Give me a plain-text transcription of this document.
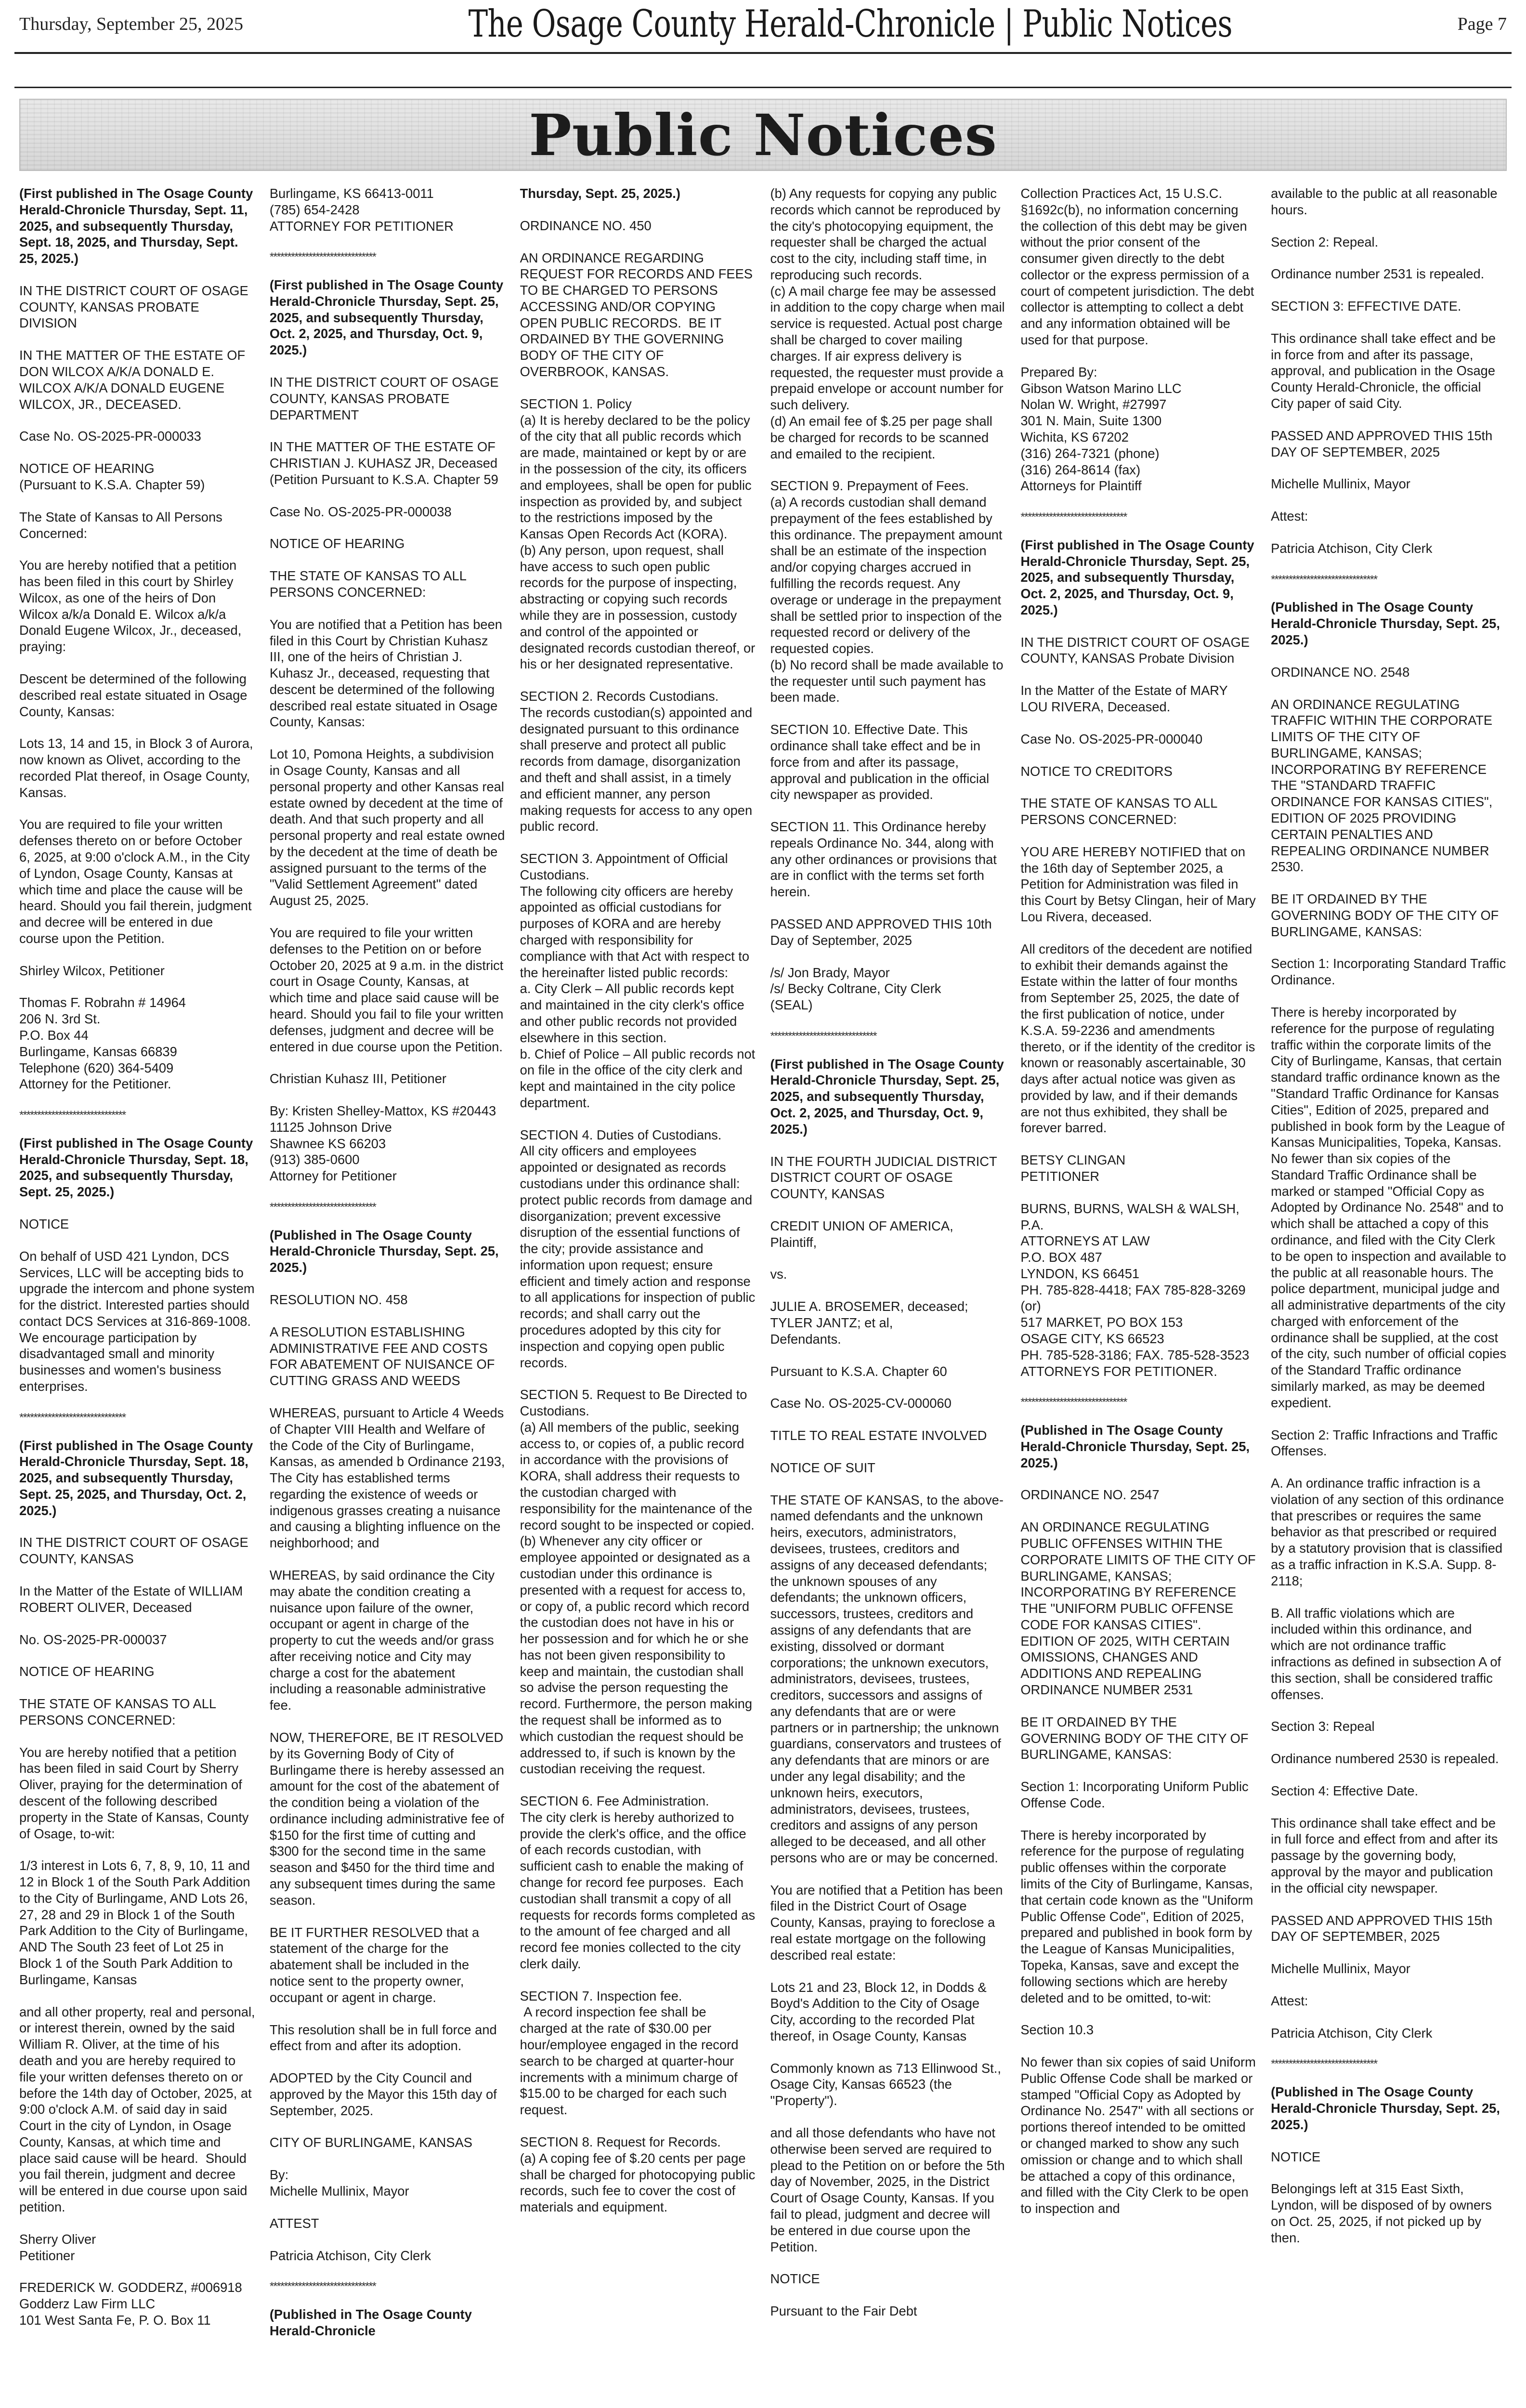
Thursday, September 25, 2025	The Osage County Herald-Chronicle | Public Notices	Page 7
Public Notices

(First published in The Osage County Herald-Chronicle Thursday, Sept. 11, 2025, and subsequently Thursday, Sept. 18, 2025, and Thursday, Sept. 25, 2025.)

IN THE DISTRICT COURT OF OSAGE COUNTY, KANSAS PROBATE DIVISION

IN THE MATTER OF THE ESTATE OF
DON WILCOX A/K/A DONALD E. WILCOX A/K/A DONALD EUGENE WILCOX, JR., DECEASED.

Case No. OS-2025-PR-000033

NOTICE OF HEARING
(Pursuant to K.S.A. Chapter 59)

The State of Kansas to All Persons Concerned:

You are hereby notified that a petition has been filed in this court by Shirley Wilcox, as one of the heirs of Don Wilcox a/k/a Donald E. Wilcox a/k/a Donald Eugene Wilcox, Jr., deceased, praying:

Descent be determined of the following described real estate situated in Osage County, Kansas:

Lots 13, 14 and 15, in Block 3 of Aurora, now known as Olivet, according to the recorded Plat thereof, in Osage County, Kansas.

You are required to file your written defenses thereto on or before October 6, 2025, at 9:00 o'clock A.M., in the City of Lyndon, Osage County, Kansas at which time and place the cause will be heard. Should you fail therein, judgment and decree will be entered in due course upon the Petition.

Shirley Wilcox, Petitioner

Thomas F. Robrahn # 14964
206 N. 3rd St.
P.O. Box 44
Burlingame, Kansas 66839
Telephone (620) 364-5409
Attorney for the Petitioner.

******************************

(First published in The Osage County Herald-Chronicle Thursday, Sept. 18, 2025, and subsequently Thursday, Sept. 25, 2025.)

NOTICE

On behalf of USD 421 Lyndon, DCS Services, LLC will be accepting bids to upgrade the intercom and phone system for the district. Interested parties should contact DCS Services at 316-869-1008. We encourage participation by disadvantaged small and minority businesses and women's business enterprises.

******************************

(First published in The Osage County Herald-Chronicle Thursday, Sept. 18, 2025, and subsequently Thursday, Sept. 25, 2025, and Thursday, Oct. 2, 2025.)

IN THE DISTRICT COURT OF OSAGE COUNTY, KANSAS

In the Matter of the Estate of WILLIAM ROBERT OLIVER, Deceased

No. OS-2025-PR-000037

NOTICE OF HEARING

THE STATE OF KANSAS TO ALL PERSONS CONCERNED:

You are hereby notified that a petition has been filed in said Court by Sherry Oliver, praying for the determination of descent of the following described property in the State of Kansas, County of Osage, to-wit:

1/3 interest in Lots 6, 7, 8, 9, 10, 11 and 12 in Block 1 of the South Park Addition to the City of Burlingame, AND Lots 26, 27, 28 and 29 in Block 1 of the South Park Addition to the City of Burlingame, AND The South 23 feet of Lot 25 in Block 1 of the South Park Addition to Burlingame, Kansas

and all other property, real and personal, or interest therein, owned by the said William R. Oliver, at the time of his death and you are hereby required to file your written defenses thereto on or before the 14th day of October, 2025, at 9:00 o'clock A.M. of said day in said Court in the city of Lyndon, in Osage County, Kansas, at which time and place said cause will be heard.  Should you fail therein, judgment and decree will be entered in due course upon said petition.

Sherry Oliver
Petitioner

FREDERICK W. GODDERZ, #006918
Godderz Law Firm LLC
101 West Santa Fe, P. O. Box 11

Burlingame, KS 66413-0011
(785) 654-2428
ATTORNEY FOR PETITIONER

******************************

(First published in The Osage County Herald-Chronicle Thursday, Sept. 25, 2025, and subsequently Thursday, Oct. 2, 2025, and Thursday, Oct. 9, 2025.)

IN THE DISTRICT COURT OF OSAGE COUNTY, KANSAS PROBATE DEPARTMENT

IN THE MATTER OF THE ESTATE OF
CHRISTIAN J. KUHASZ JR, Deceased
(Petition Pursuant to K.S.A. Chapter 59

Case No. OS-2025-PR-000038

NOTICE OF HEARING

THE STATE OF KANSAS TO ALL PERSONS CONCERNED:

You are notified that a Petition has been filed in this Court by Christian Kuhasz III, one of the heirs of Christian J. Kuhasz Jr., deceased, requesting that descent be determined of the following described real estate situated in Osage County, Kansas:

Lot 10, Pomona Heights, a subdivision in Osage County, Kansas and all personal property and other Kansas real estate owned by decedent at the time of death. And that such property and all personal property and real estate owned by the decedent at the time of death be assigned pursuant to the terms of the "Valid Settlement Agreement" dated August 25, 2025.

You are required to file your written defenses to the Petition on or before October 20, 2025 at 9 a.m. in the district court in Osage County, Kansas, at which time and place said cause will be heard. Should you fail to file your written defenses, judgment and decree will be entered in due course upon the Petition.

Christian Kuhasz III, Petitioner

By: Kristen Shelley-Mattox, KS #20443
11125 Johnson Drive
Shawnee KS 66203
(913) 385-0600
Attorney for Petitioner

******************************

(Published in The Osage County Herald-Chronicle Thursday, Sept. 25, 2025.)

RESOLUTION NO. 458

A RESOLUTION ESTABLISHING ADMINISTRATIVE FEE AND COSTS FOR ABATEMENT OF NUISANCE OF CUTTING GRASS AND WEEDS

WHEREAS, pursuant to Article 4 Weeds of Chapter VIII Health and Welfare of the Code of the City of Burlingame, Kansas, as amended b Ordinance 2193, The City has established terms regarding the existence of weeds or indigenous grasses creating a nuisance and causing a blighting influence on the neighborhood; and

WHEREAS, by said ordinance the City may abate the condition creating a nuisance upon failure of the owner, occupant or agent in charge of the property to cut the weeds and/or grass after receiving notice and City may charge a cost for the abatement including a reasonable administrative fee.

NOW, THEREFORE, BE IT RESOLVED by its Governing Body of City of Burlingame there is hereby assessed an amount for the cost of the abatement of the condition being a violation of the ordinance including administrative fee of $150 for the first time of cutting and $300 for the second time in the same season and $450 for the third time and any subsequent times during the same season.

BE IT FURTHER RESOLVED that a statement of the charge for the abatement shall be included in the notice sent to the property owner, occupant or agent in charge.

This resolution shall be in full force and effect from and after its adoption.

ADOPTED by the City Council and approved by the Mayor this 15th day of September, 2025.

CITY OF BURLINGAME, KANSAS

By:
Michelle Mullinix, Mayor

ATTEST

Patricia Atchison, City Clerk

******************************

(Published in The Osage County Herald-Chronicle

Thursday, Sept. 25, 2025.)

ORDINANCE NO. 450

AN ORDINANCE REGARDING REQUEST FOR RECORDS AND FEES TO BE CHARGED TO PERSONS ACCESSING AND/OR COPYING OPEN PUBLIC RECORDS.  BE IT ORDAINED BY THE GOVERNING BODY OF THE CITY OF OVERBROOK, KANSAS.

SECTION 1. Policy
(a) It is hereby declared to be the policy of the city that all public records which are made, maintained or kept by or are in the possession of the city, its officers and employees, shall be open for public inspection as provided by, and subject to the restrictions imposed by the Kansas Open Records Act (KORA).
(b) Any person, upon request, shall have access to such open public records for the purpose of inspecting, abstracting or copying such records while they are in possession, custody and control of the appointed or designated records custodian thereof, or his or her designated representative.

SECTION 2. Records Custodians.
The records custodian(s) appointed and designated pursuant to this ordinance shall preserve and protect all public records from damage, disorganization and theft and shall assist, in a timely and efficient manner, any person making requests for access to any open public record.

SECTION 3. Appointment of Official Custodians.
The following city officers are hereby appointed as official custodians for purposes of KORA and are hereby charged with responsibility for compliance with that Act with respect to the hereinafter listed public records:
a. City Clerk – All public records kept and maintained in the city clerk's office and other public records not provided elsewhere in this section.
b. Chief of Police – All public records not on file in the office of the city clerk and kept and maintained in the city police department.

SECTION 4. Duties of Custodians.
All city officers and employees appointed or designated as records custodians under this ordinance shall: protect public records from damage and disorganization; prevent excessive disruption of the essential functions of the city; provide assistance and information upon request; ensure efficient and timely action and response to all applications for inspection of public records; and shall carry out the procedures adopted by this city for inspection and copying open public records.

SECTION 5. Request to Be Directed to Custodians.
(a) All members of the public, seeking access to, or copies of, a public record in accordance with the provisions of KORA, shall address their requests to the custodian charged with responsibility for the maintenance of the record sought to be inspected or copied.
(b) Whenever any city officer or employee appointed or designated as a custodian under this ordinance is presented with a request for access to, or copy of, a public record which record the custodian does not have in his or her possession and for which he or she has not been given responsibility to keep and maintain, the custodian shall so advise the person requesting the record. Furthermore, the person making the request shall be informed as to which custodian the request should be addressed to, if such is known by the custodian receiving the request.

SECTION 6. Fee Administration.
The city clerk is hereby authorized to provide the clerk's office, and the office of each records custodian, with sufficient cash to enable the making of change for record fee purposes.  Each custodian shall transmit a copy of all requests for records forms completed as to the amount of fee charged and all record fee monies collected to the city clerk daily.

SECTION 7. Inspection fee.
A record inspection fee shall be charged at the rate of $30.00 per hour/employee engaged in the record search to be charged at quarter-hour increments with a minimum charge of $15.00 to be charged for each such request.

SECTION 8. Request for Records.
(a) A coping fee of $.20 cents per page shall be charged for photocopying public records, such fee to cover the cost of materials and equipment.

(b) Any requests for copying any public records which cannot be reproduced by the city's photocopying equipment, the requester shall be charged the actual cost to the city, including staff time, in reproducing such records.
(c) A mail charge fee may be assessed in addition to the copy charge when mail service is requested. Actual post charge shall be charged to cover mailing charges. If air express delivery is requested, the requester must provide a prepaid envelope or account number for such delivery.
(d) An email fee of $.25 per page shall be charged for records to be scanned and emailed to the recipient.

SECTION 9. Prepayment of Fees.
(a) A records custodian shall demand prepayment of the fees established by this ordinance. The prepayment amount shall be an estimate of the inspection and/or copying charges accrued in fulfilling the records request. Any overage or underage in the prepayment shall be settled prior to inspection of the requested record or delivery of the requested copies.
(b) No record shall be made available to the requester until such payment has been made.

SECTION 10. Effective Date. This ordinance shall take effect and be in force from and after its passage, approval and publication in the official city newspaper as provided.

SECTION 11. This Ordinance hereby repeals Ordinance No. 344, along with any other ordinances or provisions that are in conflict with the terms set forth herein.

PASSED AND APPROVED THIS 10th Day of September, 2025

/s/ Jon Brady, Mayor
/s/ Becky Coltrane, City Clerk
(SEAL)

******************************

(First published in The Osage County Herald-Chronicle Thursday, Sept. 25, 2025, and subsequently Thursday, Oct. 2, 2025, and Thursday, Oct. 9, 2025.)

IN THE FOURTH JUDICIAL DISTRICT
DISTRICT COURT OF OSAGE COUNTY, KANSAS

CREDIT UNION OF AMERICA,
Plaintiff,

vs.

JULIE A. BROSEMER, deceased; TYLER JANTZ; et al,
Defendants.

Pursuant to K.S.A. Chapter 60

Case No. OS-2025-CV-000060

TITLE TO REAL ESTATE INVOLVED

NOTICE OF SUIT

THE STATE OF KANSAS, to the above-named defendants and the unknown heirs, executors, administrators, devisees, trustees, creditors and assigns of any deceased defendants; the unknown spouses of any defendants; the unknown officers, successors, trustees, creditors and assigns of any defendants that are existing, dissolved or dormant corporations; the unknown executors, administrators, devisees, trustees, creditors, successors and assigns of any defendants that are or were partners or in partnership; the unknown guardians, conservators and trustees of any defendants that are minors or are under any legal disability; and the unknown heirs, executors, administrators, devisees, trustees, creditors and assigns of any person alleged to be deceased, and all other persons who are or may be concerned.

You are notified that a Petition has been filed in the District Court of Osage County, Kansas, praying to foreclose a real estate mortgage on the following described real estate:

Lots 21 and 23, Block 12, in Dodds & Boyd's Addition to the City of Osage City, according to the recorded Plat thereof, in Osage County, Kansas

Commonly known as 713 Ellinwood St., Osage City, Kansas 66523 (the "Property").

and all those defendants who have not otherwise been served are required to plead to the Petition on or before the 5th day of November, 2025, in the District Court of Osage County, Kansas. If you fail to plead, judgment and decree will be entered in due course upon the Petition.

NOTICE

Pursuant to the Fair Debt

Collection Practices Act, 15 U.S.C. §1692c(b), no information concerning the collection of this debt may be given without the prior consent of the consumer given directly to the debt collector or the express permission of a court of competent jurisdiction. The debt collector is attempting to collect a debt and any information obtained will be used for that purpose.

Prepared By:
Gibson Watson Marino LLC
Nolan W. Wright, #27997
301 N. Main, Suite 1300
Wichita, KS 67202
(316) 264-7321 (phone)
(316) 264-8614 (fax)
Attorneys for Plaintiff

******************************

(First published in The Osage County Herald-Chronicle Thursday, Sept. 25, 2025, and subsequently Thursday, Oct. 2, 2025, and Thursday, Oct. 9, 2025.)

IN THE DISTRICT COURT OF OSAGE COUNTY, KANSAS Probate Division

In the Matter of the Estate of MARY LOU RIVERA, Deceased.

Case No. OS-2025-PR-000040

NOTICE TO CREDITORS

THE STATE OF KANSAS TO ALL PERSONS CONCERNED:

YOU ARE HEREBY NOTIFIED that on the 16th day of September 2025, a Petition for Administration was filed in this Court by Betsy Clingan, heir of Mary Lou Rivera, deceased.

All creditors of the decedent are notified to exhibit their demands against the Estate within the latter of four months from September 25, 2025, the date of the first publication of notice, under K.S.A. 59-2236 and amendments thereto, or if the identity of the creditor is known or reasonably ascertainable, 30 days after actual notice was given as provided by law, and if their demands are not thus exhibited, they shall be forever barred.

BETSY CLINGAN
PETITIONER

BURNS, BURNS, WALSH & WALSH, P.A.
ATTORNEYS AT LAW
P.O. BOX 487
LYNDON, KS 66451
PH. 785-828-4418; FAX 785-828-3269
(or)
517 MARKET, PO BOX 153
OSAGE CITY, KS 66523
PH. 785-528-3186; FAX. 785-528-3523
ATTORNEYS FOR PETITIONER.

******************************

(Published in The Osage County Herald-Chronicle Thursday, Sept. 25, 2025.)

ORDINANCE NO. 2547

AN ORDINANCE REGULATING PUBLIC OFFENSES WITHIN THE CORPORATE LIMITS OF THE CITY OF BURLINGAME, KANSAS; INCORPORATING BY REFERENCE THE "UNIFORM PUBLIC OFFENSE CODE FOR KANSAS CITIES".  EDITION OF 2025, WITH CERTAIN OMISSIONS, CHANGES AND ADDITIONS AND REPEALING ORDINANCE NUMBER 2531

BE IT ORDAINED BY THE GOVERNING BODY OF THE CITY OF BURLINGAME, KANSAS:

Section 1: Incorporating Uniform Public Offense Code.

There is hereby incorporated by reference for the purpose of regulating public offenses within the corporate limits of the City of Burlingame, Kansas, that certain code known as the "Uniform Public Offense Code", Edition of 2025, prepared and published in book form by the League of Kansas Municipalities, Topeka, Kansas, save and except the following sections which are hereby deleted and to be omitted, to-wit:

Section 10.3

No fewer than six copies of said Uniform Public Offense Code shall be marked or stamped "Official Copy as Adopted by Ordinance No. 2547" with all sections or portions thereof intended to be omitted or changed marked to show any such omission or change and to which shall be attached a copy of this ordinance, and filled with the City Clerk to be open to inspection and

available to the public at all reasonable hours.

Section 2: Repeal.

Ordinance number 2531 is repealed.

SECTION 3: EFFECTIVE DATE.

This ordinance shall take effect and be in force from and after its passage, approval, and publication in the Osage County Herald-Chronicle, the official City paper of said City.

PASSED AND APPROVED THIS 15th DAY OF SEPTEMBER, 2025

Michelle Mullinix, Mayor

Attest:

Patricia Atchison, City Clerk

******************************

(Published in The Osage County Herald-Chronicle Thursday, Sept. 25, 2025.)

ORDINANCE NO. 2548

AN ORDINANCE REGULATING TRAFFIC WITHIN THE CORPORATE LIMITS OF THE CITY OF BURLINGAME, KANSAS; INCORPORATING BY REFERENCE THE "STANDARD TRAFFIC ORDINANCE FOR KANSAS CITIES", EDITION OF 2025 PROVIDING CERTAIN PENALTIES AND REPEALING ORDINANCE NUMBER 2530.

BE IT ORDAINED BY THE GOVERNING BODY OF THE CITY OF BURLINGAME, KANSAS:

Section 1: Incorporating Standard Traffic Ordinance.

There is hereby incorporated by reference for the purpose of regulating traffic within the corporate limits of the City of Burlingame, Kansas, that certain standard traffic ordinance known as the "Standard Traffic Ordinance for Kansas Cities", Edition of 2025, prepared and published in book form by the League of Kansas Municipalities, Topeka, Kansas. No fewer than six copies of the Standard Traffic Ordinance shall be marked or stamped "Official Copy as Adopted by Ordinance No. 2548" and to which shall be attached a copy of this ordinance, and filed with the City Clerk to be open to inspection and available to the public at all reasonable hours. The police department, municipal judge and all administrative departments of the city charged with enforcement of the ordinance shall be supplied, at the cost of the city, such number of official copies of the Standard Traffic ordinance similarly marked, as may be deemed expedient.

Section 2: Traffic Infractions and Traffic Offenses.

A. An ordinance traffic infraction is a violation of any section of this ordinance that prescribes or requires the same behavior as that prescribed or required by a statutory provision that is classified as a traffic infraction in K.S.A. Supp. 8-2118;

B. All traffic violations which are included within this ordinance, and which are not ordinance traffic infractions as defined in subsection A of this section, shall be considered traffic offenses.

Section 3: Repeal

Ordinance numbered 2530 is repealed.

Section 4: Effective Date.

This ordinance shall take effect and be in full force and effect from and after its passage by the governing body, approval by the mayor and publication in the official city newspaper.

PASSED AND APPROVED THIS 15th DAY OF SEPTEMBER, 2025

Michelle Mullinix, Mayor

Attest:

Patricia Atchison, City Clerk

******************************

(Published in The Osage County Herald-Chronicle Thursday, Sept. 25, 2025.)

NOTICE

Belongings left at 315 East Sixth, Lyndon, will be disposed of by owners on Oct. 25, 2025, if not picked up by then.
